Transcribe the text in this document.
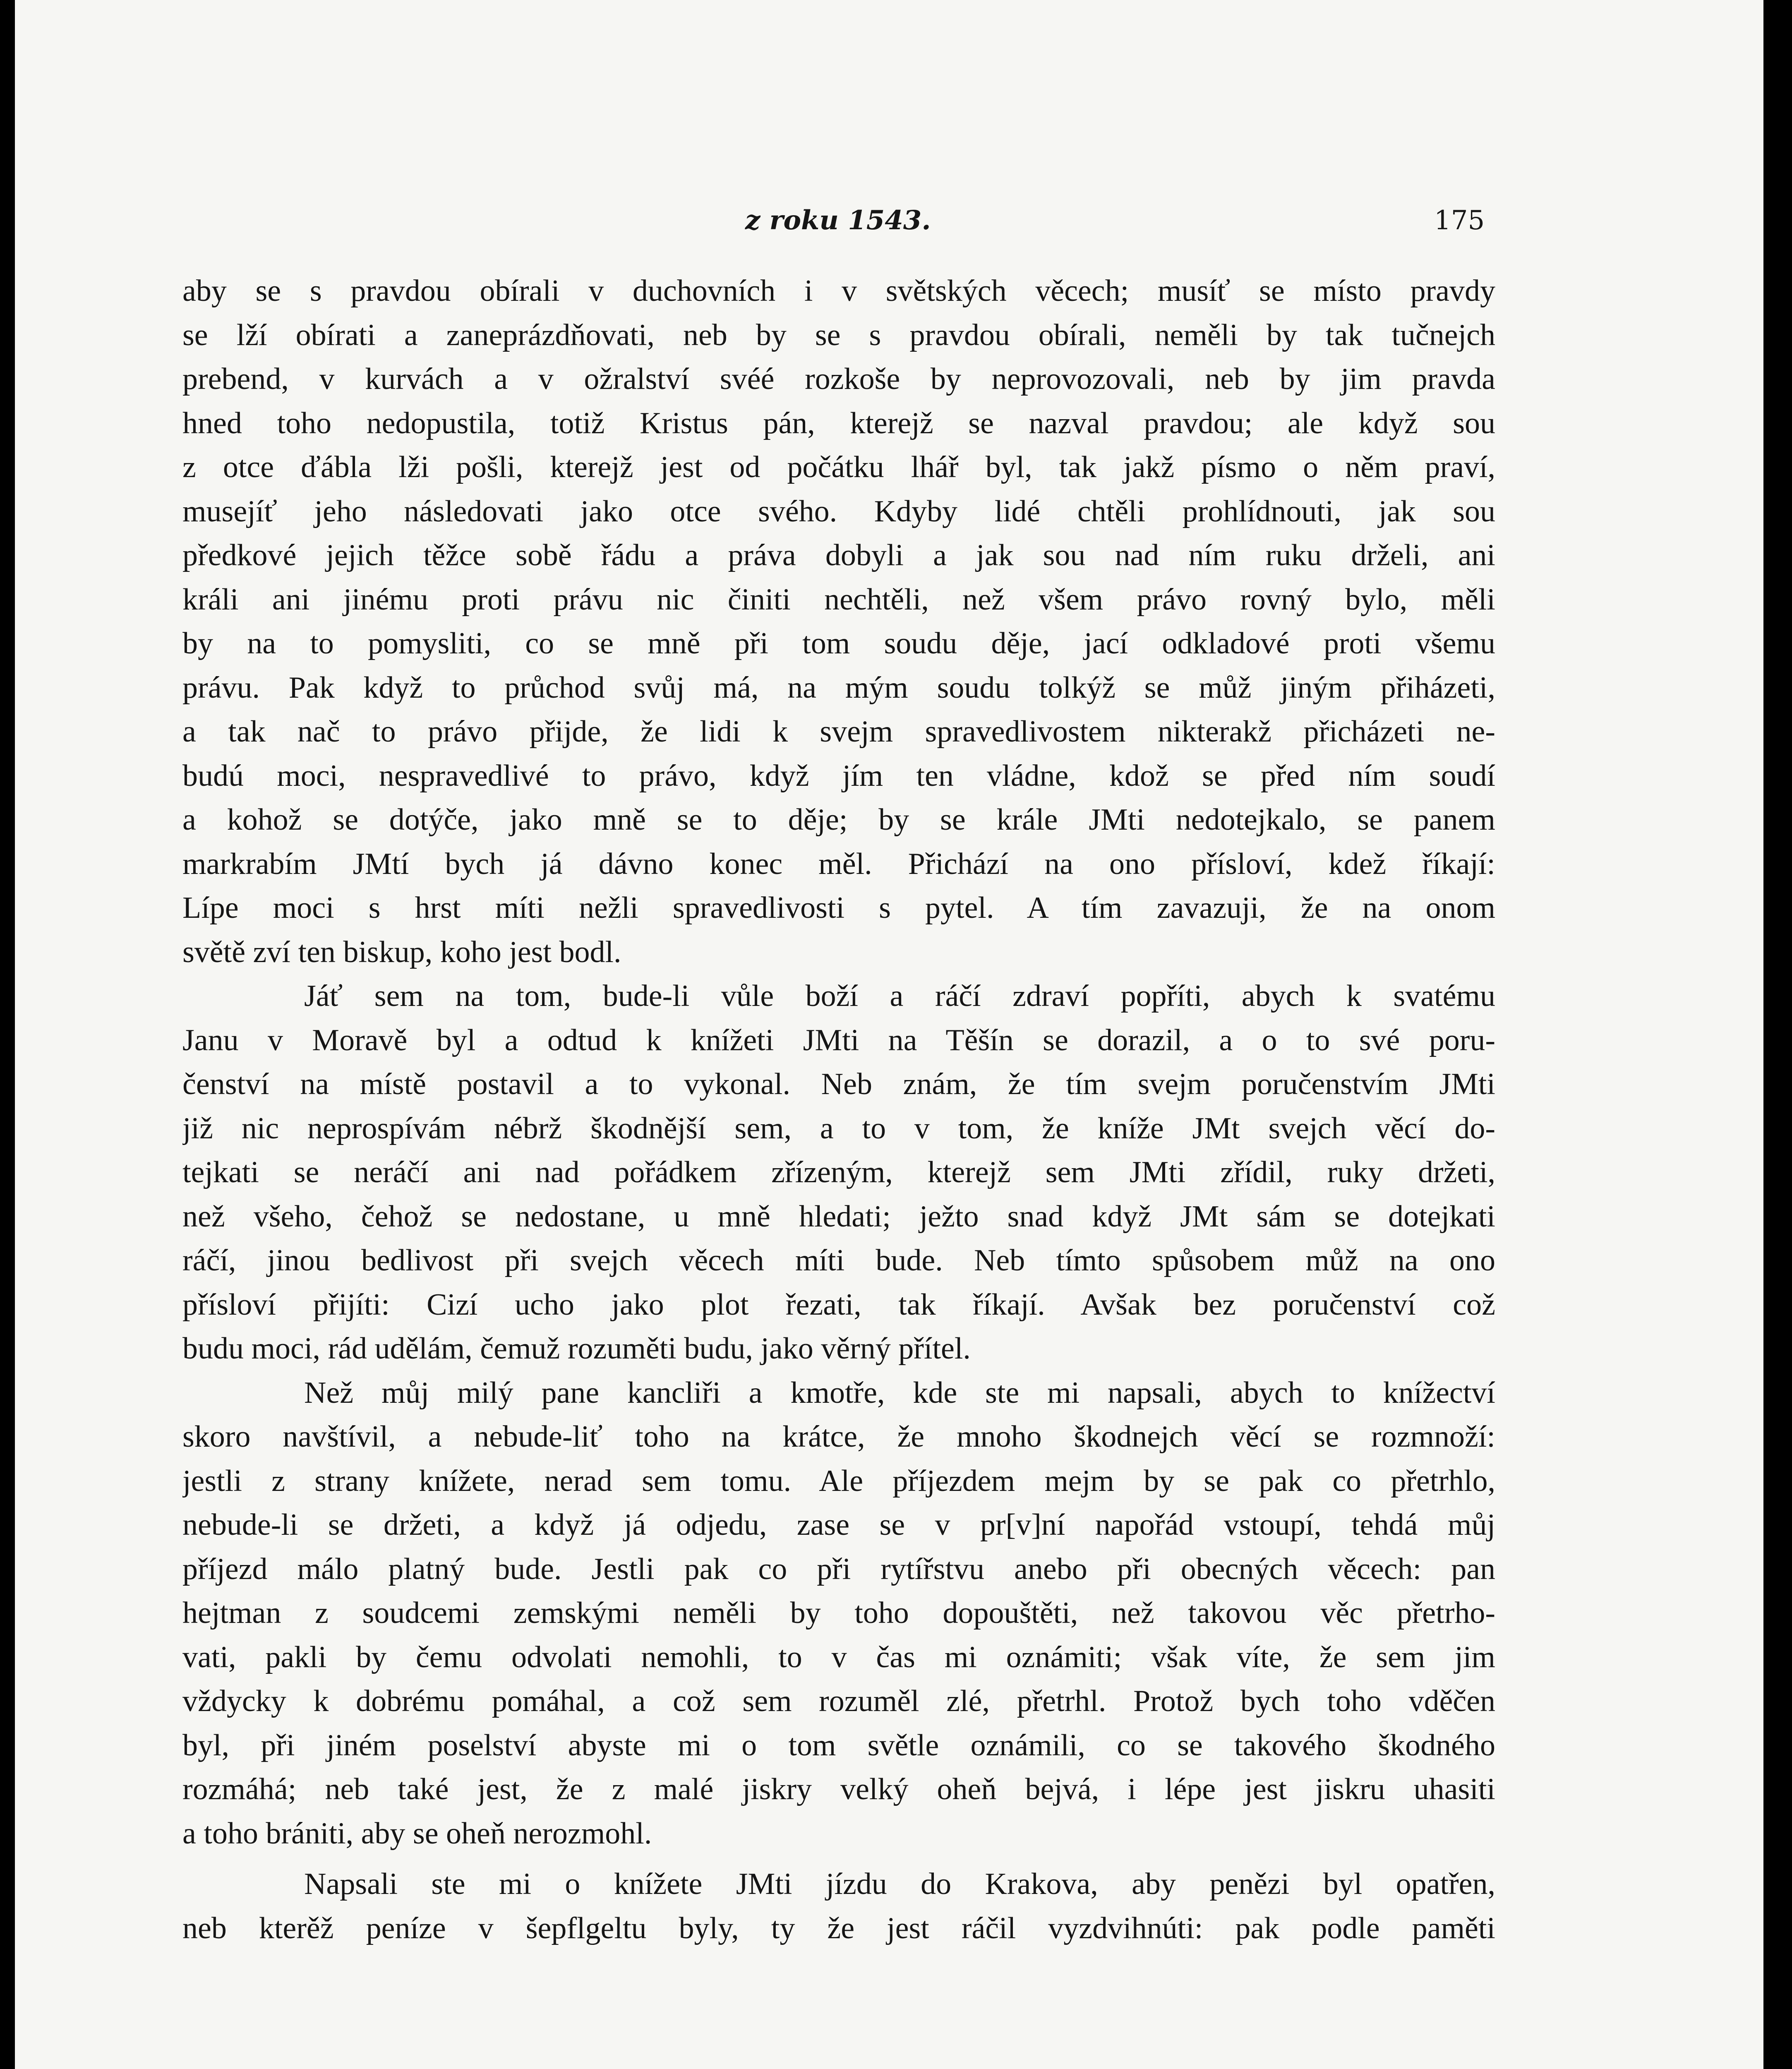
z roku 1543.	175
aby se s pravdou obírali v duchovních i v světských věcech; musíť se místo pravdy
se lží obírati a zaneprázdňovati, neb by se s pravdou obírali, neměli by tak tučnejch
prebend, v kurvách a v ožralství svéé rozkoše by neprovozovali, neb by jim pravda
hned toho nedopustila, totiž Kristus pán, kterejž se nazval pravdou; ale když sou
z otce ďábla lži pošli, kterejž jest od počátku lhář byl, tak jakž písmo o něm praví,
musejíť jeho následovati jako otce svého. Kdyby lidé chtěli prohlídnouti, jak sou
předkové jejich těžce sobě řádu a práva dobyli a jak sou nad ním ruku drželi, ani
králi ani jinému proti právu nic činiti nechtěli, než všem právo rovný bylo, měli
by na to pomysliti, co se mně při tom soudu děje, jací odkladové proti všemu
právu. Pak když to průchod svůj má, na mým soudu tolkýž se můž jiným přiházeti,
a tak nač to právo přijde, že lidi k svejm spravedlivostem nikterakž přicházeti ne-
budú moci, nespravedlivé to právo, když jím ten vládne, kdož se před ním soudí
a kohož se dotýče, jako mně se to děje; by se krále JMti nedotejkalo, se panem
markrabím JMtí bych já dávno konec měl. Přichází na ono přísloví, kdež říkají:
Lípe moci s hrst míti nežli spravedlivosti s pytel. A tím zavazuji, že na onom
světě zví ten biskup, koho jest bodl.
Jáť sem na tom, bude-li vůle boží a ráčí zdraví popříti, abych k svatému
Janu v Moravě byl a odtud k knížeti JMti na Těšín se dorazil, a o to své poru-
čenství na místě postavil a to vykonal. Neb znám, že tím svejm poručenstvím JMti
již nic neprospívám nébrž škodnější sem, a to v tom, že kníže JMt svejch věcí do-
tejkati se neráčí ani nad pořádkem zřízeným, kterejž sem JMti zřídil, ruky držeti,
než všeho, čehož se nedostane, u mně hledati; ježto snad když JMt sám se dotejkati
ráčí, jinou bedlivost při svejch věcech míti bude. Neb tímto spůsobem můž na ono
přísloví přijíti: Cizí ucho jako plot řezati, tak říkají. Avšak bez poručenství což
budu moci, rád udělám, čemuž rozuměti budu, jako věrný přítel.
Než můj milý pane kancliři a kmotře, kde ste mi napsali, abych to knížectví
skoro navštívil, a nebude-liť toho na krátce, že mnoho škodnejch věcí se rozmnoží:
jestli z strany knížete, nerad sem tomu. Ale příjezdem mejm by se pak co přetrhlo,
nebude-li se držeti, a když já odjedu, zase se v pr[v]ní napořád vstoupí, tehdá můj
příjezd málo platný bude. Jestli pak co při rytířstvu anebo při obecných věcech: pan
hejtman z soudcemi zemskými neměli by toho dopouštěti, než takovou věc přetrho-
vati, pakli by čemu odvolati nemohli, to v čas mi oznámiti; však víte, že sem jim
vždycky k dobrému pomáhal, a což sem rozuměl zlé, přetrhl. Protož bych toho vděčen
byl, při jiném poselství abyste mi o tom světle oznámili, co se takového škodného
rozmáhá; neb také jest, že z malé jiskry velký oheň bejvá, i lépe jest jiskru uhasiti
a toho brániti, aby se oheň nerozmohl.
Napsali ste mi o knížete JMti jízdu do Krakova, aby penězi byl opatřen,
neb kterěž peníze v šepflgeltu byly, ty že jest ráčil vyzdvihnúti: pak podle paměti
